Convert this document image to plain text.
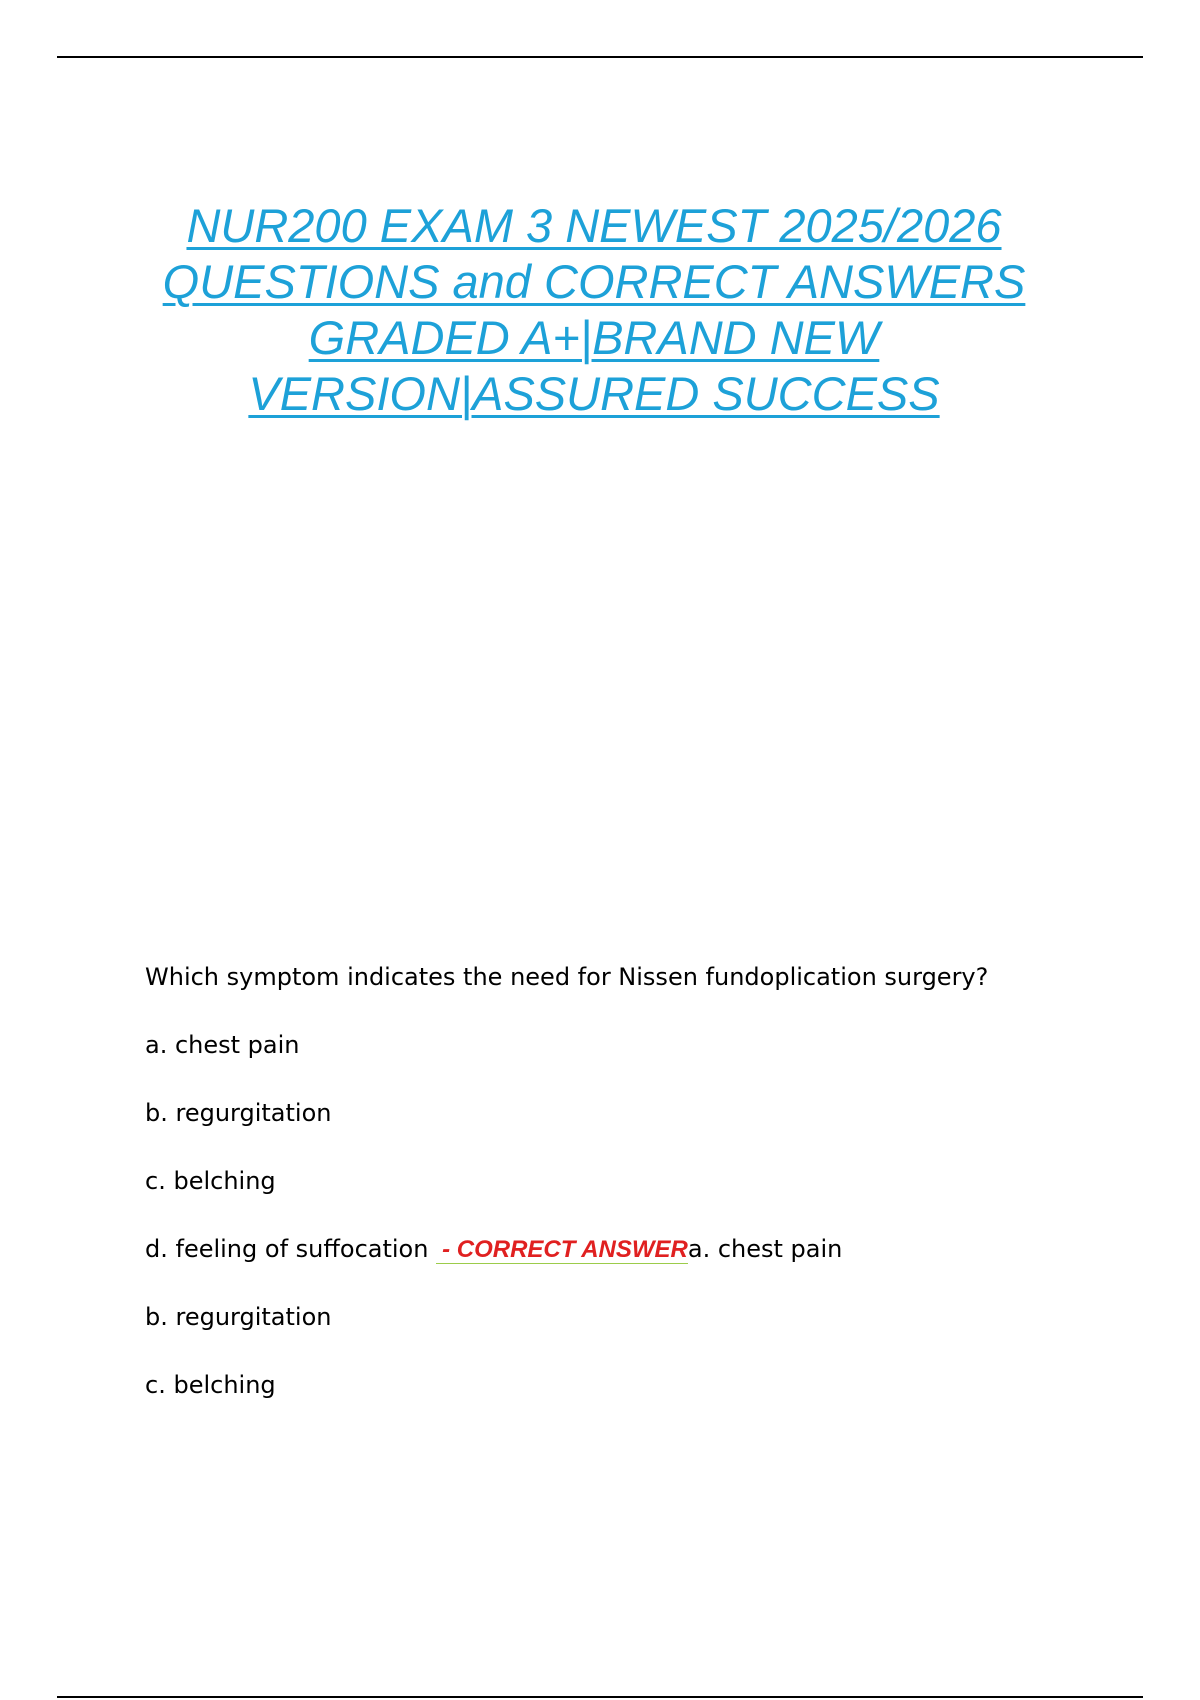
NUR200 EXAM 3 NEWEST 2025/2026
QUESTIONS and CORRECT ANSWERS
GRADED A+|BRAND NEW
VERSION|ASSURED SUCCESS
Which symptom indicates the need for Nissen fundoplication surgery?
a. chest pain
b. regurgitation
c. belching
d. feeling of suffocation - CORRECT ANSWERa. chest pain
b. regurgitation
c. belching
